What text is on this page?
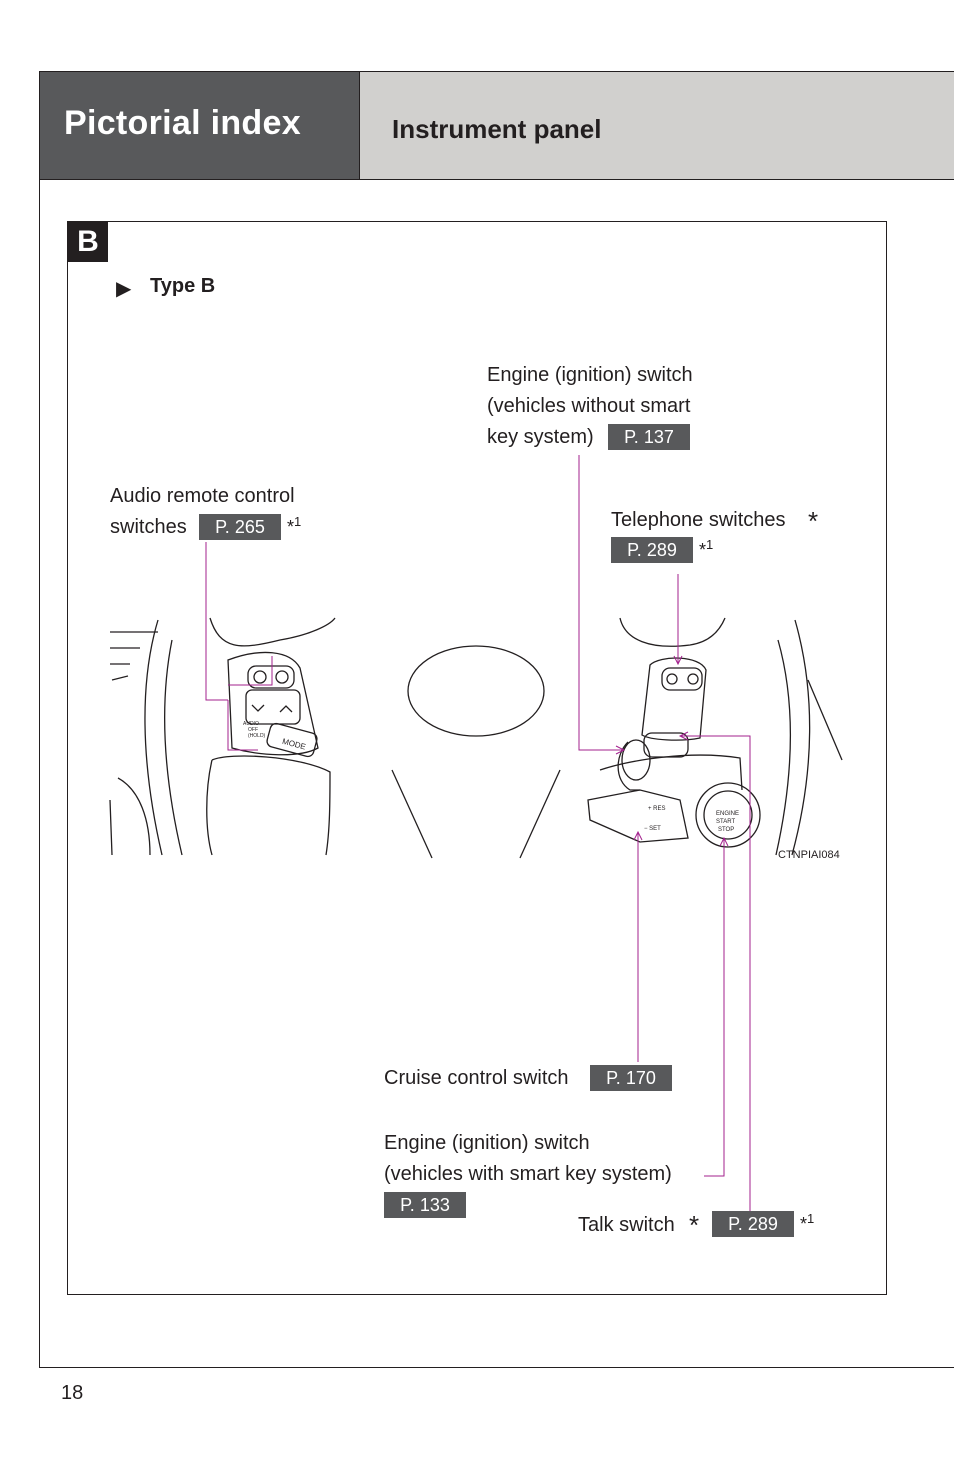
Pictorial index	Instrument panel
B
▶ Type B
MODE
AUDIO
OFF
(HOLD)
+ RES
− SET
ENGINE
START
STOP
CTNPIAI084
Engine (ignition) switch
(vehicles without smart
key system)	P. 137
Audio remote control
switches	P. 265	*$^1$	Telephone switches *
P. 289	*$^1$
Cruise control switch	P. 170
Engine (ignition) switch
(vehicles with smart key system)
P. 133
Talk switch *	P. 289	*$^1$
18
